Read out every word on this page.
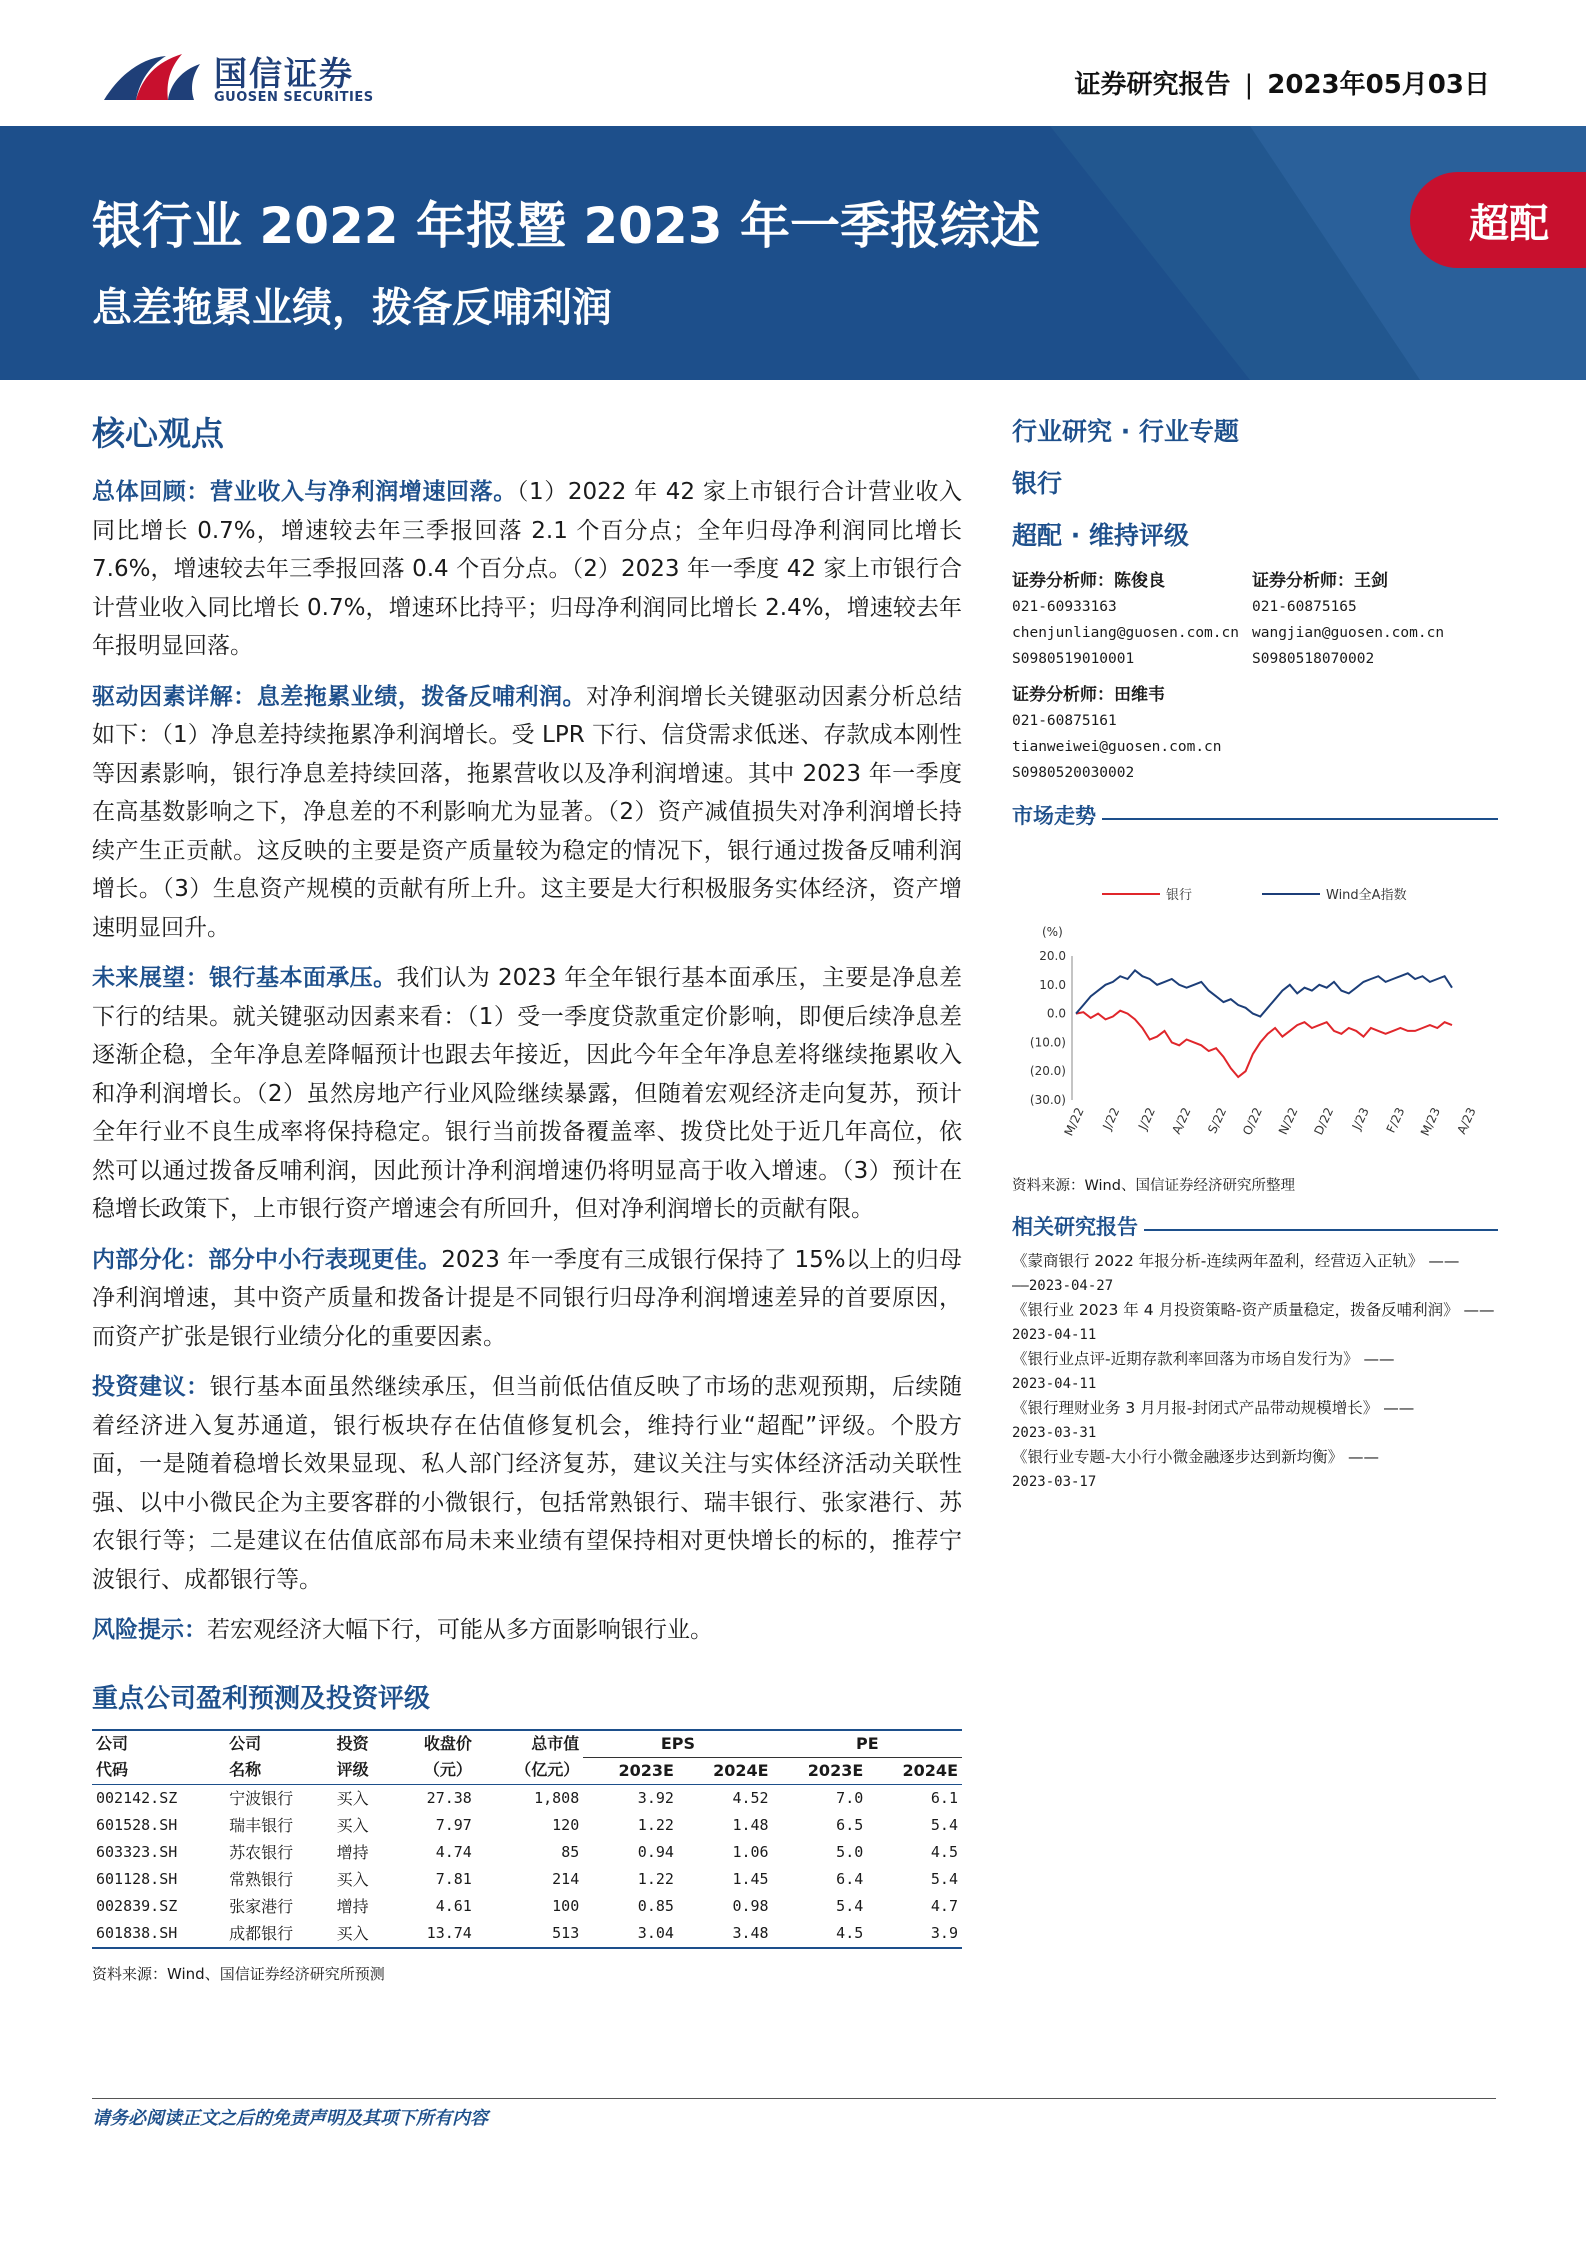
国信证券
GUOSEN SECURITIES	证券研究报告 | 2023年05月03日
银行业 2022 年报暨 2023 年一季报综述
息差拖累业绩，拨备反哺利润
超配
核心观点

总体回顾：营业收入与净利润增速回落。（1）2022 年 42 家上市银行合计营业收入同比增长 0.7%，增速较去年三季报回落 2.1 个百分点；全年归母净利润同比增长 7.6%，增速较去年三季报回落 0.4 个百分点。（2）2023 年一季度 42 家上市银行合计营业收入同比增长 0.7%，增速环比持平；归母净利润同比增长 2.4%，增速较去年年报明显回落。

驱动因素详解：息差拖累业绩，拨备反哺利润。对净利润增长关键驱动因素分析总结如下：（1）净息差持续拖累净利润增长。受 LPR 下行、信贷需求低迷、存款成本刚性等因素影响，银行净息差持续回落，拖累营收以及净利润增速。其中 2023 年一季度在高基数影响之下，净息差的不利影响尤为显著。（2）资产减值损失对净利润增长持续产生正贡献。这反映的主要是资产质量较为稳定的情况下，银行通过拨备反哺利润增长。（3）生息资产规模的贡献有所上升。这主要是大行积极服务实体经济，资产增速明显回升。

未来展望：银行基本面承压。我们认为 2023 年全年银行基本面承压，主要是净息差下行的结果。就关键驱动因素来看：（1）受一季度贷款重定价影响，即便后续净息差逐渐企稳，全年净息差降幅预计也跟去年接近，因此今年全年净息差将继续拖累收入和净利润增长。（2）虽然房地产行业风险继续暴露，但随着宏观经济走向复苏，预计全年行业不良生成率将保持稳定。银行当前拨备覆盖率、拨贷比处于近几年高位，依然可以通过拨备反哺利润，因此预计净利润增速仍将明显高于收入增速。（3）预计在稳增长政策下，上市银行资产增速会有所回升，但对净利润增长的贡献有限。

内部分化：部分中小行表现更佳。2023 年一季度有三成银行保持了 15%以上的归母净利润增速，其中资产质量和拨备计提是不同银行归母净利润增速差异的首要原因，而资产扩张是银行业绩分化的重要因素。

投资建议：银行基本面虽然继续承压，但当前低估值反映了市场的悲观预期，后续随着经济进入复苏通道，银行板块存在估值修复机会，维持行业“超配”评级。个股方面，一是随着稳增长效果显现、私人部门经济复苏，建议关注与实体经济活动关联性强、以中小微民企为主要客群的小微银行，包括常熟银行、瑞丰银行、张家港行、苏农银行等；二是建议在估值底部布局未来业绩有望保持相对更快增长的标的，推荐宁波银行、成都银行等。

风险提示：若宏观经济大幅下行，可能从多方面影响银行业。

重点公司盈利预测及投资评级
公司	公司	投资	收盘价	总市值	EPS		PE	
代码	名称	评级	（元）	（亿元）	2023E	2024E	2023E	2024E
002142.SZ	宁波银行	买入	27.38	1,808	3.92	4.52	7.0	6.1
601528.SH	瑞丰银行	买入	7.97	120	1.22	1.48	6.5	5.4
603323.SH	苏农银行	增持	4.74	85	0.94	1.06	5.0	4.5
601128.SH	常熟银行	买入	7.81	214	1.22	1.45	6.4	5.4
002839.SZ	张家港行	增持	4.61	100	0.85	0.98	5.4	4.7
601838.SH	成都银行	买入	13.74	513	3.04	3.48	4.5	3.9
资料来源：Wind、国信证券经济研究所预测
行业研究 · 行业专题
银行
超配 · 维持评级
证券分析师：陈俊良
021-60933163
chenjunliang@guosen.com.cn
S0980519010001
证券分析师：王剑
021-60875165
wangjian@guosen.com.cn
S0980518070002
证券分析师：田维韦
021-60875161
tianweiwei@guosen.com.cn
S0980520030002
市场走势
银行	Wind全A指数
(%)
20.0
10.0
0.0
(10.0)
(20.0)
(30.0)
M/22 J/22 J/22 A/22 S/22 O/22 N/22 D/22 J/23 F/23 M/23 A/23
资料来源：Wind、国信证券经济研究所整理
相关研究报告
《蒙商银行 2022 年报分析-连续两年盈利，经营迈入正轨》 ——
——2023-04-27
《银行业 2023 年 4 月投资策略-资产质量稳定，拨备反哺利润》 ——
2023-04-11
《银行业点评-近期存款利率回落为市场自发行为》 ——
2023-04-11
《银行理财业务 3 月月报-封闭式产品带动规模增长》 ——
2023-03-31
《银行业专题-大小行小微金融逐步达到新均衡》 ——
2023-03-17
请务必阅读正文之后的免责声明及其项下所有内容
